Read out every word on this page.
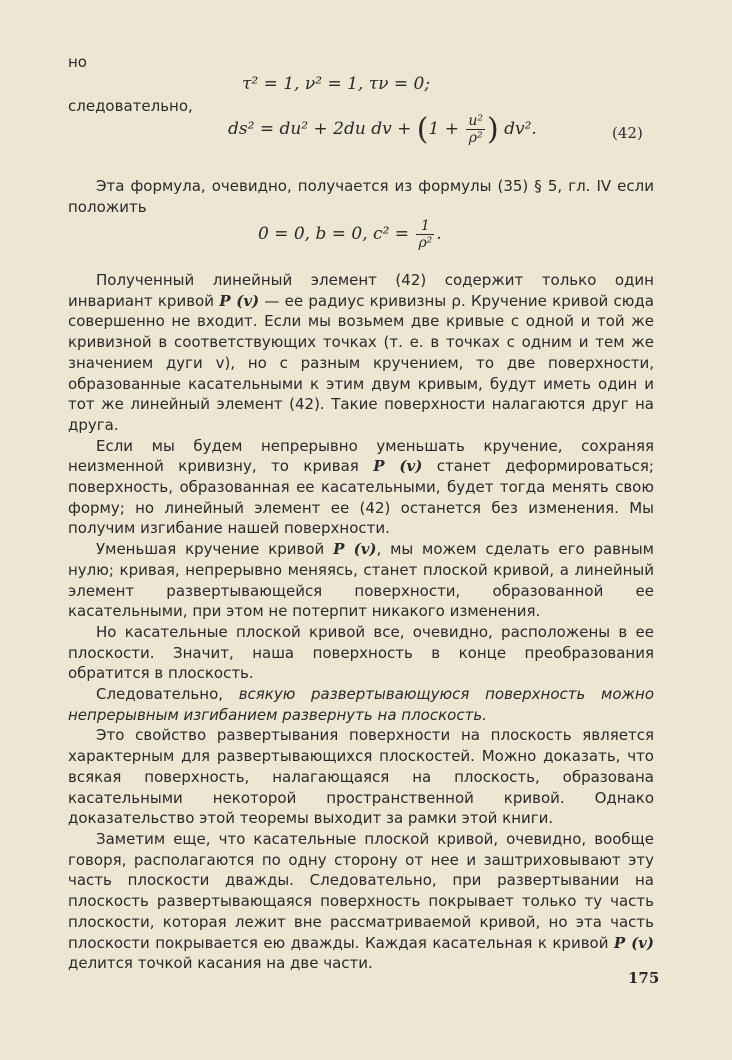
но
τ² = 1, ν² = 1, τν = 0;
следовательно,
ds² = du² + 2du dv + ($1 + \frac{\text{u²}}{\text{ρ²}}$ ) dv².	(42)

Эта формула, очевидно, получается из формулы (35) § 5, гл. IV если положить

0 = 0, b = 0, $c^2 = \frac{1}{\text{ρ²}}$ .

Полученный линейный элемент (42) содержит только один инвариант кривой P (v) — ее радиус кривизны ρ. Кручение кривой сюда совершенно не входит. Если мы возьмем две кривые с одной и той же кривизной в соответствующих точках (т. е. в точках с одним и тем же значением дуги v), но с разным кручением, то две поверхности, образованные касательными к этим двум кривым, будут иметь один и тот же линейный элемент (42). Такие поверхности налагаются друг на друга.

Если мы будем непрерывно уменьшать кручение, сохраняя неизменной кривизну, то кривая P (v) станет деформироваться; поверхность, образованная ее касательными, будет тогда менять свою форму; но линейный элемент ее (42) останется без изменения. Мы получим изгибание нашей поверхности.

Уменьшая кручение кривой P (v), мы можем сделать его равным нулю; кривая, непрерывно меняясь, станет плоской кривой, а линейный элемент развертывающейся поверхности, образованной ее касательными, при этом не потерпит никакого изменения.

Но касательные плоской кривой все, очевидно, расположены в ее плоскости. Значит, наша поверхность в конце преобразования обратится в плоскость.

Следовательно, всякую развертывающуюся поверхность можно непрерывным изгибанием развернуть на плоскость.

Это свойство развертывания поверхности на плоскость является характерным для развертывающихся плоскостей. Можно доказать, что всякая поверхность, налагающаяся на плоскость, образована касательными некоторой пространственной кривой. Однако доказательство этой теоремы выходит за рамки этой книги.

Заметим еще, что касательные плоской кривой, очевидно, вообще говоря, располагаются по одну сторону от нее и заштриховывают эту часть плоскости дважды. Следовательно, при развертывании на плоскость развертывающаяся поверхность покрывает только ту часть плоскости, которая лежит вне рассматриваемой кривой, но эта часть плоскости покрывается ею дважды. Каждая касательная к кривой P (v) делится точкой касания на две части.

175
